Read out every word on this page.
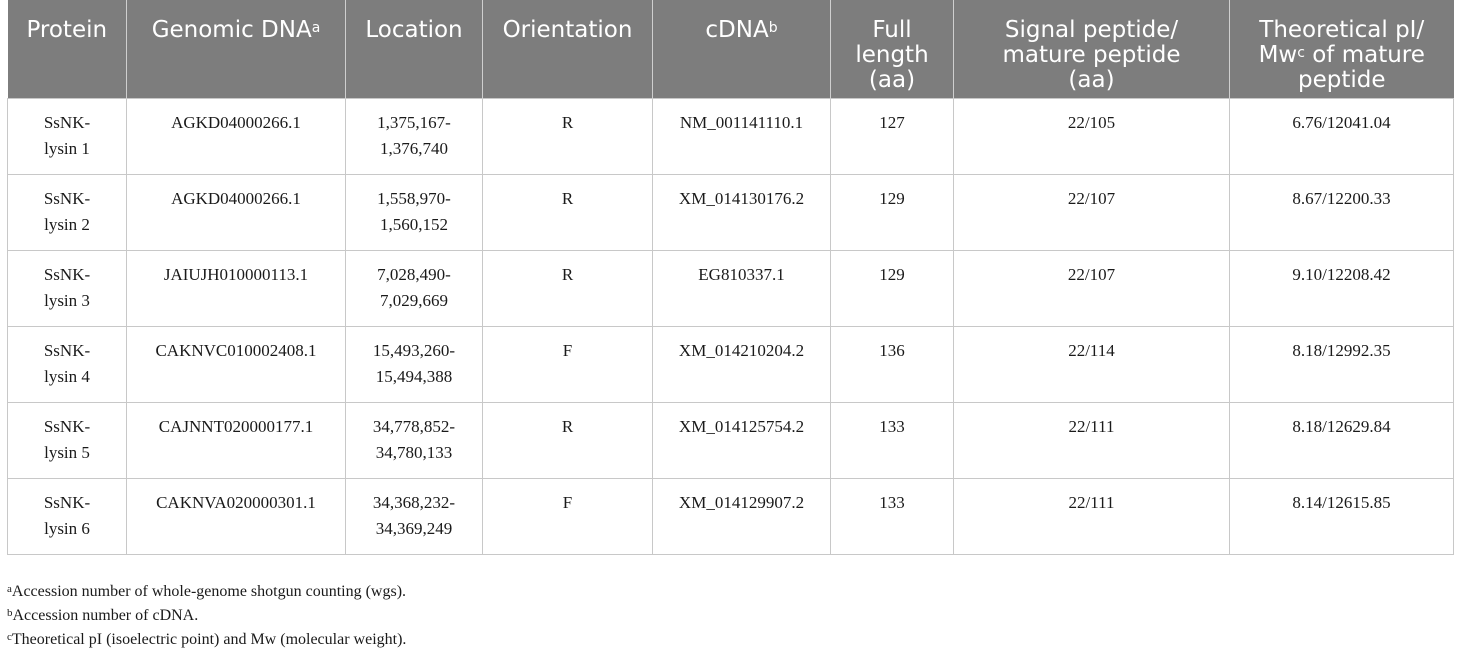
Protein	Genomic DNA$^a$	Location	Orientation	cDNA$^b$	Full length (aa)	Signal peptide/ mature peptide (aa)	Theoretical pI/ Mw$^c$ of mature peptide
SsNK-lysin 1	AGKD04000266.1	1,375,167-1,376,740	R	NM_001141110.1	127	22/105	6.76/12041.04
SsNK-lysin 2	AGKD04000266.1	1,558,970-1,560,152	R	XM_014130176.2	129	22/107	8.67/12200.33
SsNK-lysin 3	JAIUJH010000113.1	7,028,490-7,029,669	R	EG810337.1	129	22/107	9.10/12208.42
SsNK-lysin 4	CAKNVC010002408.1	15,493,260-15,494,388	F	XM_014210204.2	136	22/114	8.18/12992.35
SsNK-lysin 5	CAJNNT020000177.1	34,778,852-34,780,133	R	XM_014125754.2	133	22/111	8.18/12629.84
SsNK-lysin 6	CAKNVA020000301.1	34,368,232-34,369,249	F	XM_014129907.2	133	22/111	8.14/12615.85
$^a$Accession number of whole-genome shotgun counting (wgs).
$^b$Accession number of cDNA.
$^c$Theoretical pI (isoelectric point) and Mw (molecular weight).
